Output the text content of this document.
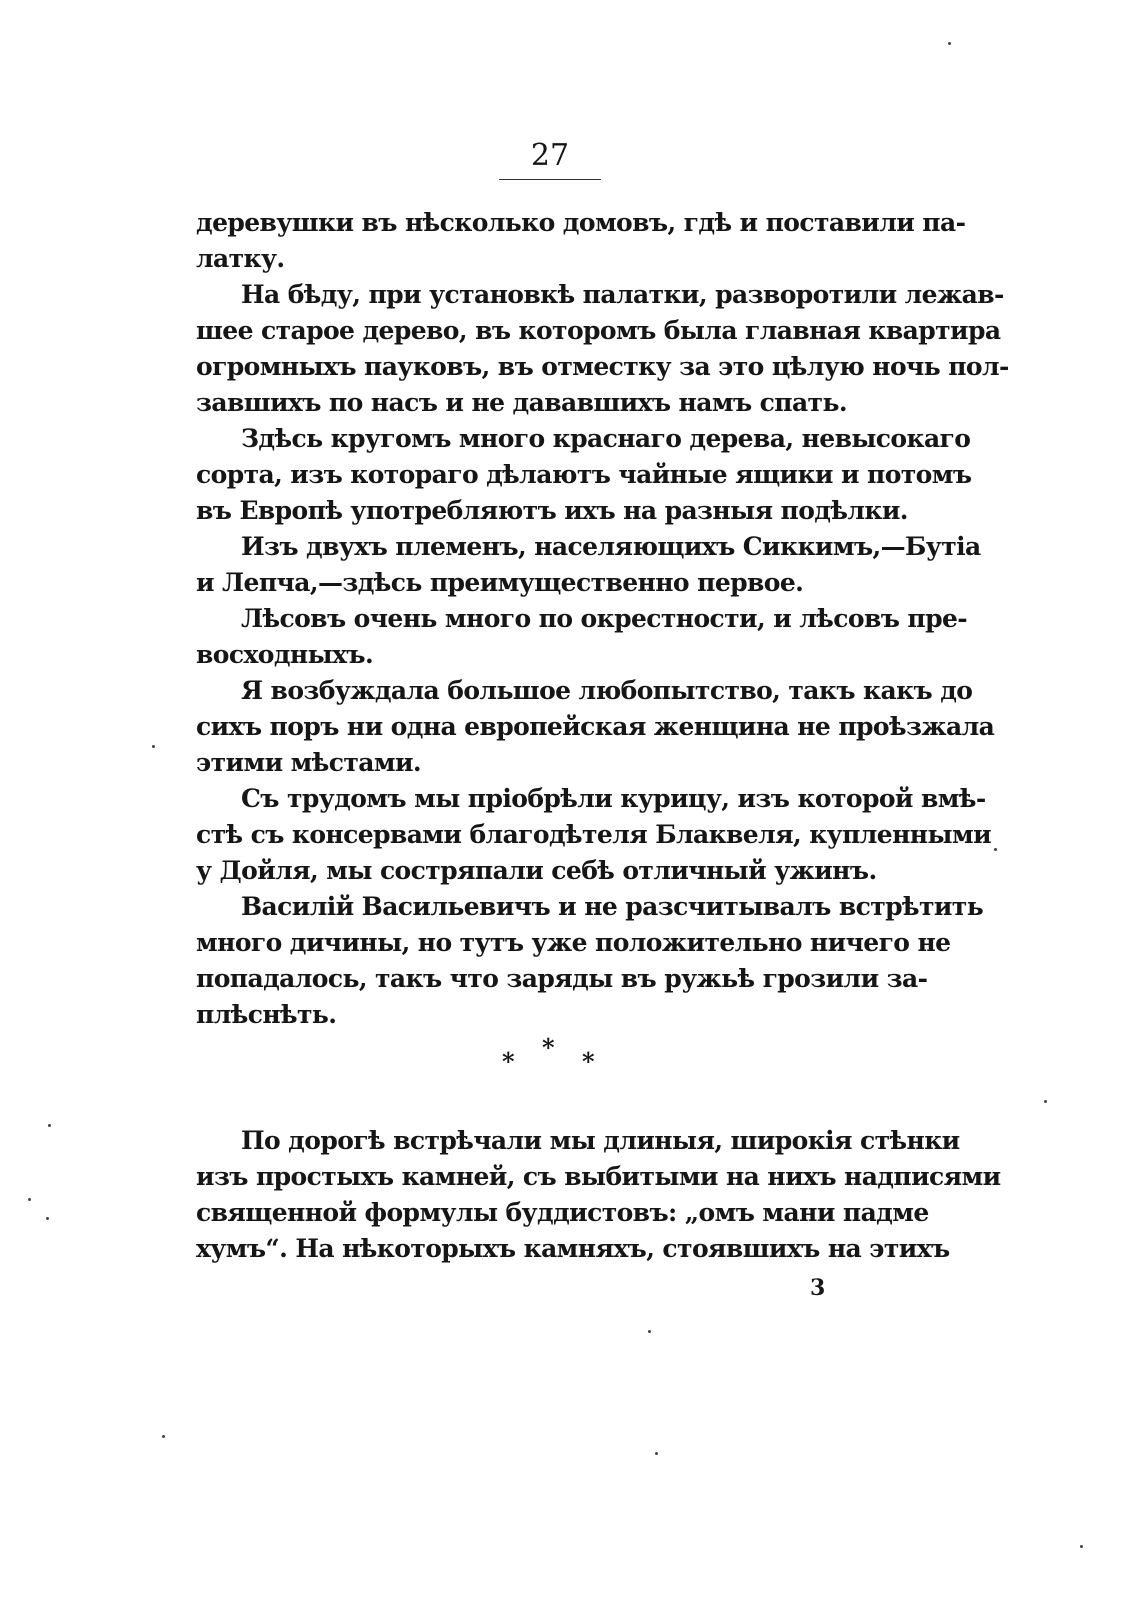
27
деревушки въ нѣсколько домовъ, гдѣ и поставили па-
латку.
На бѣду, при установкѣ палатки, разворотили лежав-
шее старое дерево, въ которомъ была главная квартира
огромныхъ пауковъ, въ отместку за это цѣлую ночь пол-
завшихъ по насъ и не дававшихъ намъ спать.
Здѣсь кругомъ много краснаго дерева, невысокаго
сорта, изъ котораго дѣлаютъ чайные ящики и потомъ
въ Европѣ употребляютъ ихъ на разныя подѣлки.
Изъ двухъ племенъ, населяющихъ Сиккимъ,—Бутіа
и Лепча,—здѣсь преимущественно первое.
Лѣсовъ очень много по окрестности, и лѣсовъ пре-
восходныхъ.
Я возбуждала большое любопытство, такъ какъ до
сихъ поръ ни одна европейская женщина не проѣзжала
этими мѣстами.
Съ трудомъ мы пріобрѣли курицу, изъ которой вмѣ-
стѣ съ консервами благодѣтеля Блаквеля, купленными
у Дойля, мы состряпали себѣ отличный ужинъ.
Василій Васильевичъ и не разсчитывалъ встрѣтить
много дичины, но тутъ уже положительно ничего не
попадалось, такъ что заряды въ ружьѣ грозили за-
плѣснѣть.
* * *
По дорогѣ встрѣчали мы длиныя, широкія стѣнки
изъ простыхъ камней, съ выбитыми на нихъ надписями
священной формулы буддистовъ: „омъ мани падме
хумъ“. На нѣкоторыхъ камняхъ, стоявшихъ на этихъ
3
